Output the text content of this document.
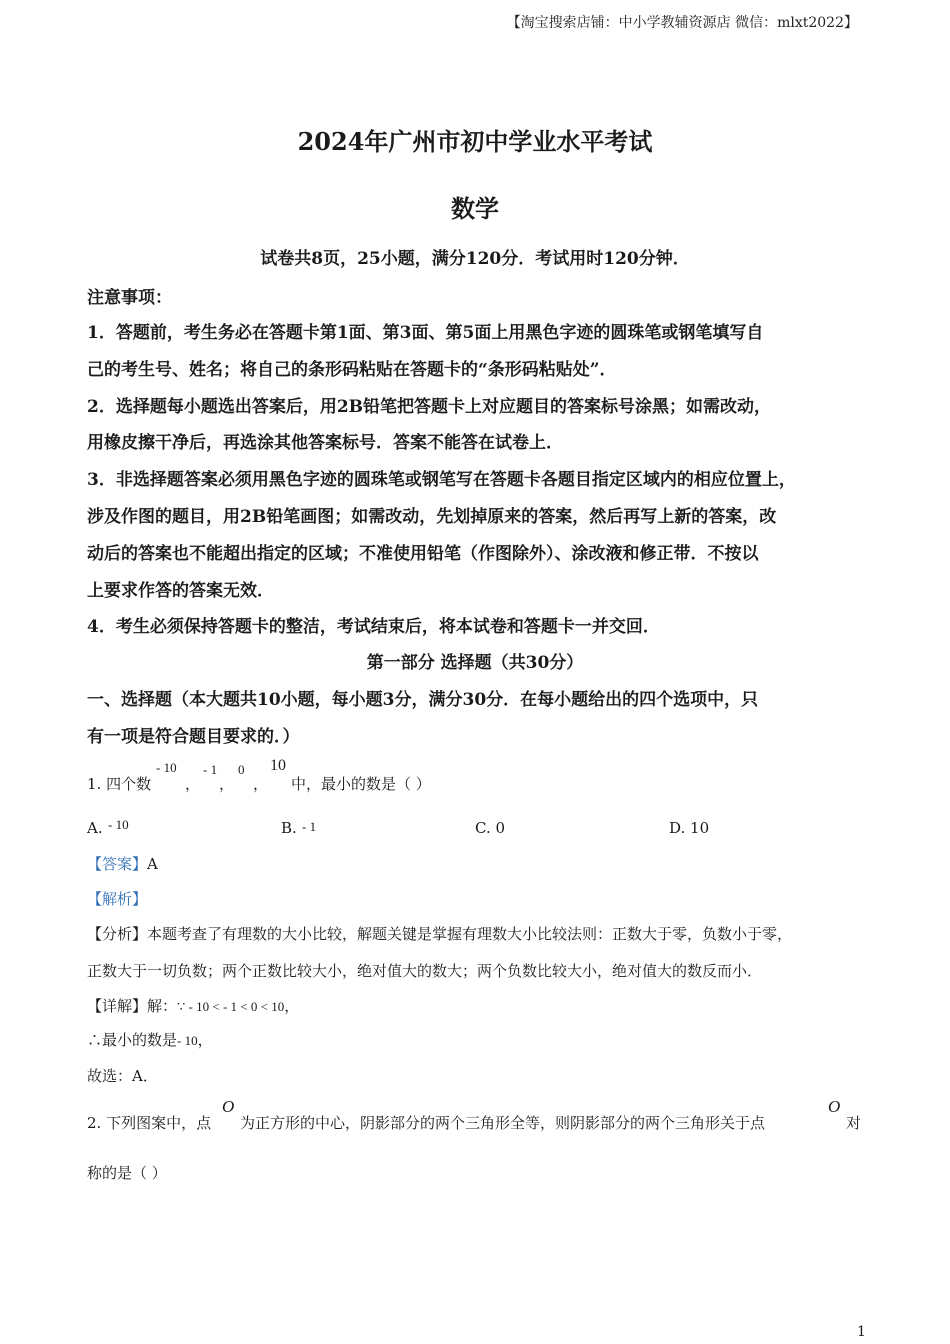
【淘宝搜索店铺：中小学教辅资源店 微信：mlxt2022】
2024年广州市初中学业水平考试
数学
试卷共8页，25小题，满分120分．考试用时120分钟．
注意事项：
1．答题前，考生务必在答题卡第1面、第3面、第5面上用黑色字迹的圆珠笔或钢笔填写自
己的考生号、姓名；将自己的条形码粘贴在答题卡的“条形码粘贴处”．
2．选择题每小题选出答案后，用2B铅笔把答题卡上对应题目的答案标号涂黑；如需改动，
用橡皮擦干净后，再选涂其他答案标号．答案不能答在试卷上．
3．非选择题答案必须用黑色字迹的圆珠笔或钢笔写在答题卡各题目指定区域内的相应位置上，
涉及作图的题目，用2B铅笔画图；如需改动，先划掉原来的答案，然后再写上新的答案，改
动后的答案也不能超出指定的区域；不准使用铅笔（作图除外）、涂改液和修正带．不按以
上要求作答的答案无效．
4．考生必须保持答题卡的整洁，考试结束后，将本试卷和答题卡一并交回．
第一部分 选择题（共30分）
一、选择题（本大题共10小题，每小题3分，满分30分．在每小题给出的四个选项中，只
有一项是符合题目要求的．）
1. 四个数
- 10
，
- 1
，
0
，
10
中，最小的数是（ ）
A. - 10	B. - 1	C. 0	D. 10
【答案】A
【解析】
【分析】本题考查了有理数的大小比较，解题关键是掌握有理数大小比较法则：正数大于零，负数小于零，
正数大于一切负数；两个正数比较大小，绝对值大的数大；两个负数比较大小，绝对值大的数反而小．
【详解】解：∵ - 10 < - 1 < 0 < 10，
∴最小的数是- 10，
故选：A．
2. 下列图案中，点
O
为正方形的中心，阴影部分的两个三角形全等，则阴影部分的两个三角形关于点
O
对
称的是（ ）
1
